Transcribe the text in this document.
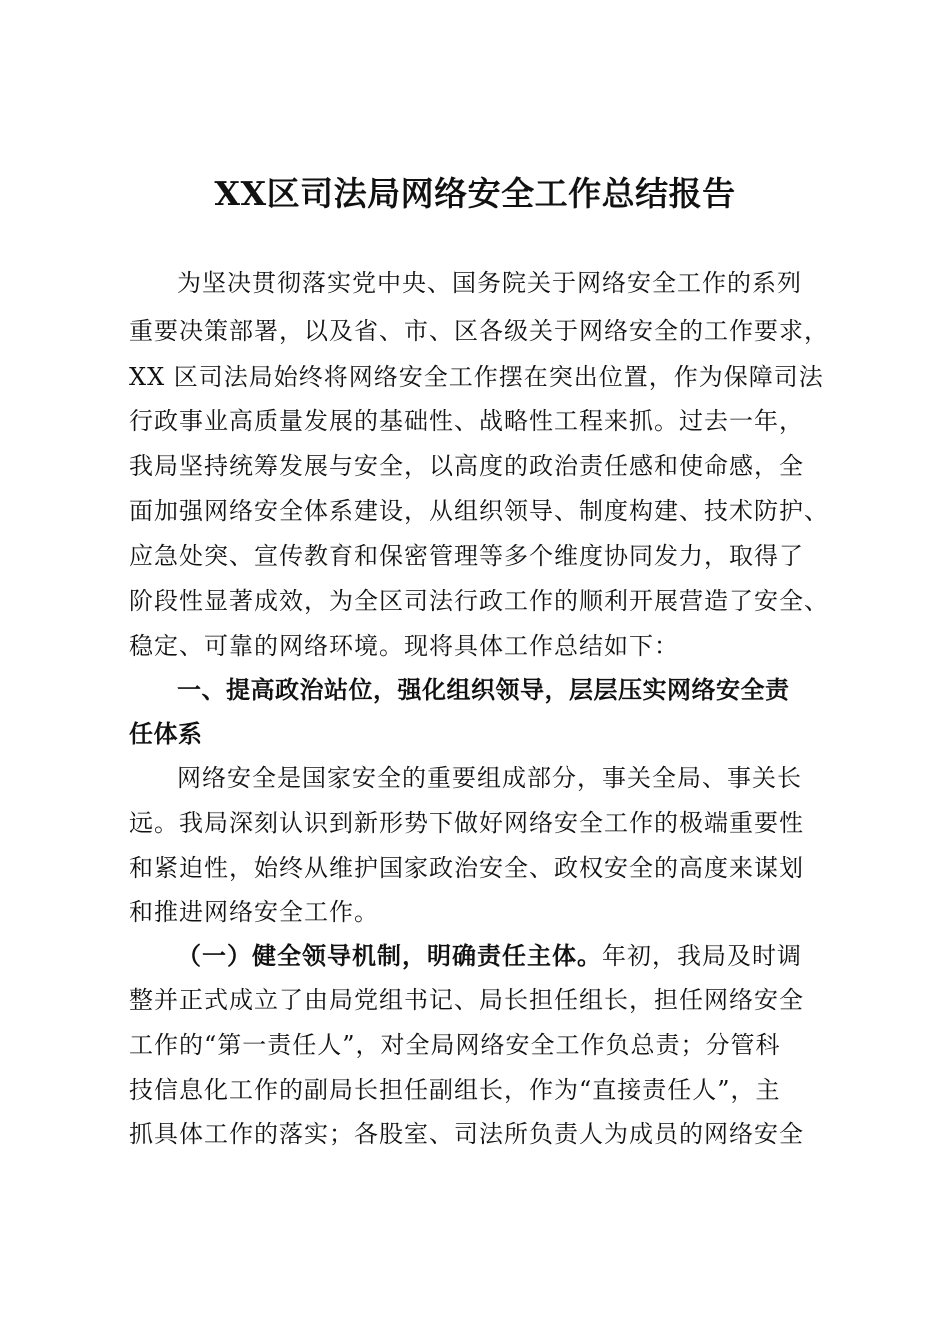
XX区司法局网络安全工作总结报告
为坚决贯彻落实党中央、国务院关于网络安全工作的系列
重要决策部署，以及省、市、区各级关于网络安全的工作要求，
XX 区司法局始终将网络安全工作摆在突出位置，作为保障司法
行政事业高质量发展的基础性、战略性工程来抓。过去一年，
我局坚持统筹发展与安全，以高度的政治责任感和使命感，全
面加强网络安全体系建设，从组织领导、制度构建、技术防护、
应急处突、宣传教育和保密管理等多个维度协同发力，取得了
阶段性显著成效，为全区司法行政工作的顺利开展营造了安全、
稳定、可靠的网络环境。现将具体工作总结如下：
一、提高政治站位，强化组织领导，层层压实网络安全责
任体系
网络安全是国家安全的重要组成部分，事关全局、事关长
远。我局深刻认识到新形势下做好网络安全工作的极端重要性
和紧迫性，始终从维护国家政治安全、政权安全的高度来谋划
和推进网络安全工作。
（一）健全领导机制，明确责任主体。年初，我局及时调
整并正式成立了由局党组书记、局长担任组长，担任网络安全
工作的“第一责任人”，对全局网络安全工作负总责；分管科
技信息化工作的副局长担任副组长，作为“直接责任人”，主
抓具体工作的落实；各股室、司法所负责人为成员的网络安全
